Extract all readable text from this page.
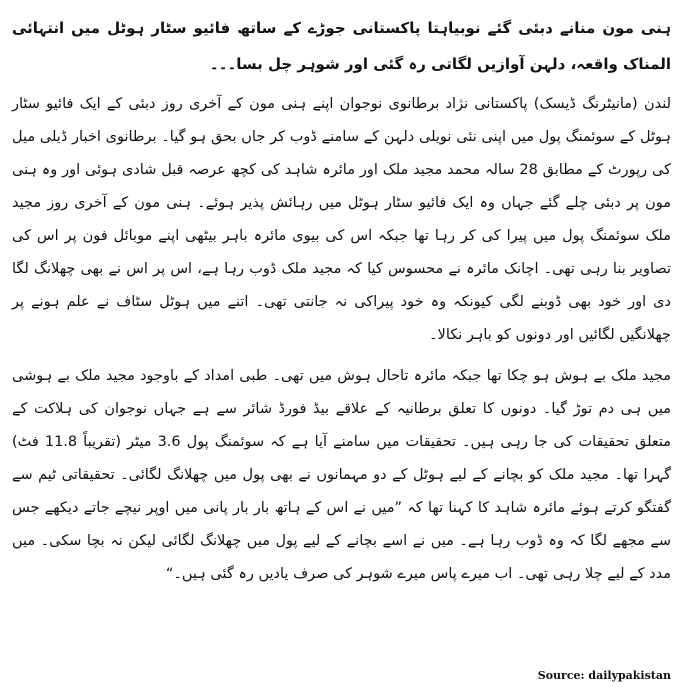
ہنی مون منانے دبئی گئے نوبیاہتا پاکستانی جوڑے کے ساتھ فائیو سٹار ہوٹل میں انتہائی المناک واقعہ، دلہن آوازیں لگاتی رہ گئی اور شوہر چل بسا۔۔۔

لندن (مانیٹرنگ ڈیسک) پاکستانی نژاد برطانوی نوجوان اپنے ہنی مون کے آخری روز دبئی کے ایک فائیو سٹار ہوٹل کے سوئمنگ پول میں اپنی نئی نویلی دلہن کے سامنے ڈوب کر جاں بحق ہو گیا۔ برطانوی اخبار ڈیلی میل کی رپورٹ کے مطابق 28 سالہ محمد مجید ملک اور مائرہ شاہد کی کچھ عرصہ قبل شادی ہوئی اور وہ ہنی مون پر دبئی چلے گئے جہاں وہ ایک فائیو سٹار ہوٹل میں رہائش پذیر ہوئے۔ ہنی مون کے آخری روز مجید ملک سوئمنگ پول میں پیرا کی کر رہا تھا جبکہ اس کی بیوی مائرہ باہر بیٹھی اپنے موبائل فون پر اس کی تصاویر بنا رہی تھی۔ اچانک مائرہ نے محسوس کیا کہ مجید ملک ڈوب رہا ہے، اس پر اس نے بھی چھلانگ لگا دی اور خود بھی ڈوبنے لگی کیونکہ وہ خود پیراکی نہ جانتی تھی۔ اتنے میں ہوٹل سٹاف نے علم ہونے پر چھلانگیں لگائیں اور دونوں کو باہر نکالا۔

مجید ملک بے ہوش ہو چکا تھا جبکہ مائرہ تاحال ہوش میں تھی۔ طبی امداد کے باوجود مجید ملک بے ہوشی میں ہی دم توڑ گیا۔ دونوں کا تعلق برطانیہ کے علاقے بیڈ فورڈ شائر سے ہے جہاں نوجوان کی ہلاکت کے متعلق تحقیقات کی جا رہی ہیں۔ تحقیقات میں سامنے آیا ہے کہ سوئمنگ پول 3.6 میٹر (تقریباً 11.8 فٹ) گہرا تھا۔ مجید ملک کو بچانے کے لیے ہوٹل کے دو مہمانوں نے بھی پول میں چھلانگ لگائی۔ تحقیقاتی ٹیم سے گفتگو کرتے ہوئے مائرہ شاہد کا کہنا تھا کہ ”میں نے اس کے ہاتھ بار بار پانی میں اوپر نیچے جاتے دیکھے جس سے مجھے لگا کہ وہ ڈوب رہا ہے۔ میں نے اسے بچانے کے لیے پول میں چھلانگ لگائی لیکن نہ بچا سکی۔ میں مدد کے لیے چلا رہی تھی۔ اب میرے پاس میرے شوہر کی صرف یادیں رہ گئی ہیں۔“

Source: dailypakistan
